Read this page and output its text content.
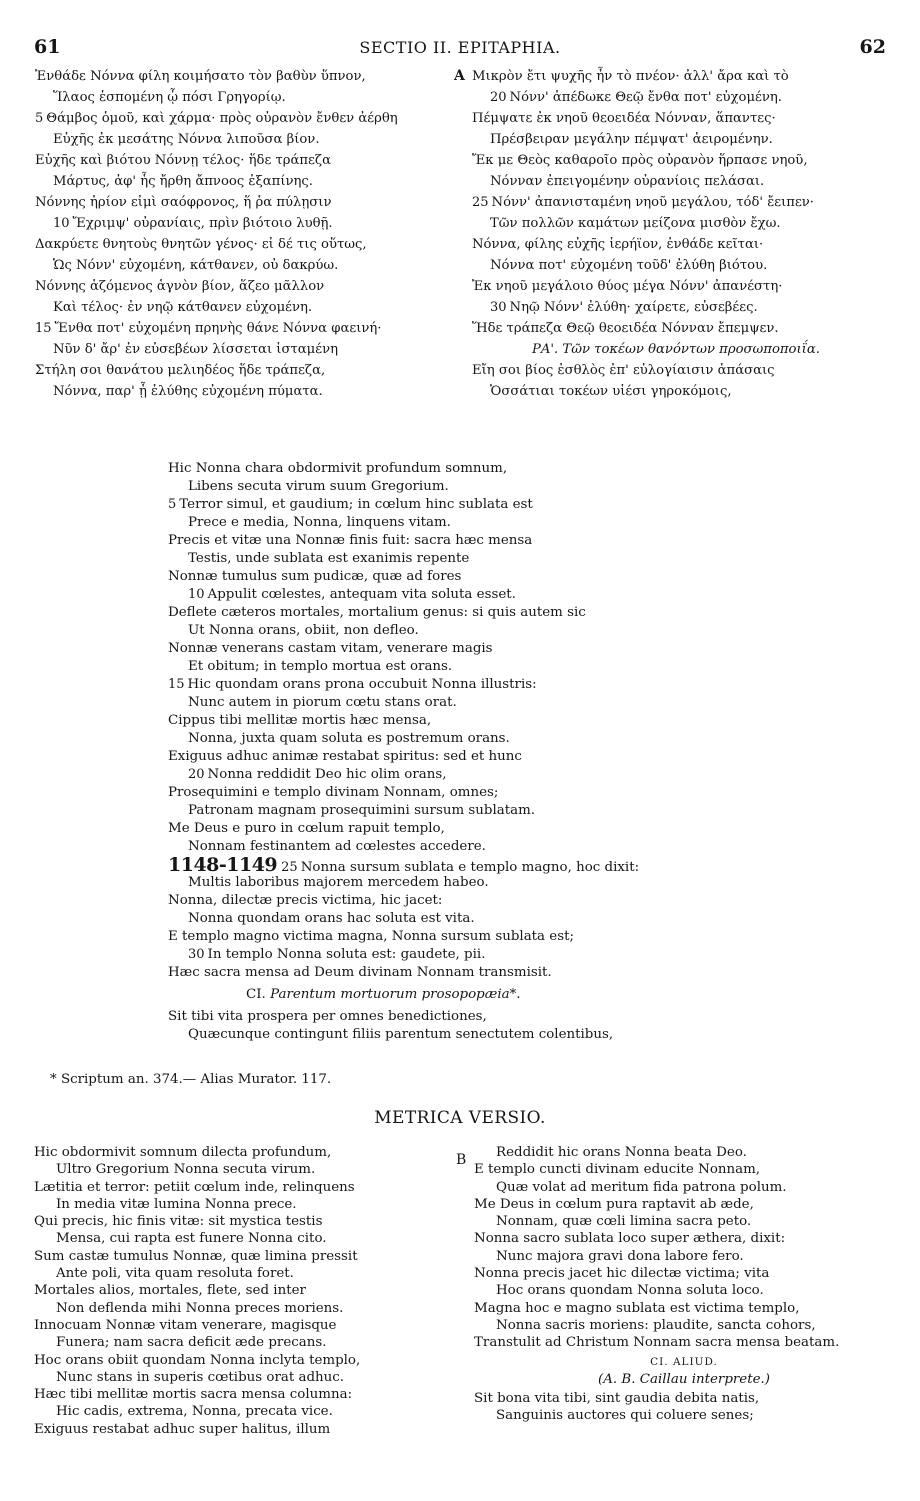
61	SECTIO II. EPITAPHIA.	62
Ἐνθάδε Νόννα φίλη κοιμήσατο τὸν βαθὺν ὕπνον,
Ἵλαος ἑσπομένη ᾧ πόσι Γρηγορίῳ.
5 Θάμβος ὁμοῦ, καὶ χάρμα· πρὸς οὐρανὸν ἔνθεν ἀέρθη
Εὐχῆς ἐκ μεσάτης Νόννα λιποῦσα βίον.
Εὐχῆς καὶ βιότου Νόννῃ τέλος· ἥδε τράπεζα
Μάρτυς, ἀφ' ἧς ἤρθη ἄπνοος ἐξαπίνης.
Νόννης ἠρίον εἰμὶ σαόφρονος, ἥ ῥα πύλῃσιν
10 Ἔχριμψ' οὐρανίαις, πρὶν βιότοιο λυθῇ.
Δακρύετε θνητοὺς θνητῶν γένος· εἰ δέ τις οὕτως,
Ὡς Νόνν' εὐχομένη, κάτθανεν, οὐ δακρύω.
Νόννης ἁζόμενος ἁγνὸν βίον, ἅζεο μᾶλλον
Καὶ τέλος· ἐν νηῷ κάτθανεν εὐχομένη.
15 Ἔνθα ποτ' εὐχομένη πρηνὴς θάνε Νόννα φαεινή·
Νῦν δ' ἄρ' ἐν εὐσεβέων λίσσεται ἱσταμένη
Στήλη σοι θανάτου μελιηδέος ἥδε τράπεζα,
Νόννα, παρ' ᾗ ἐλύθης εὐχομένη πύματα.
A Μικρὸν ἔτι ψυχῆς ἦν τὸ πνέον· ἀλλ' ἄρα καὶ τὸ
20 Νόνν' ἀπέδωκε Θεῷ ἔνθα ποτ' εὐχομένη.
Πέμψατε ἐκ νηοῦ θεοειδέα Νόνναν, ἅπαντες·
Πρέσβειραν μεγάλην πέμψατ' ἀειρομένην.
Ἔκ με Θεὸς καθαροῖο πρὸς οὐρανὸν ἥρπασε νηοῦ,
Νόνναν ἐπειγομένην οὐρανίοις πελάσαι.
25 Νόνν' ἀπανισταμένη νηοῦ μεγάλου, τόδ' ἔειπεν·
Τῶν πολλῶν καμάτων μείζονα μισθὸν ἔχω.
Νόννα, φίλης εὐχῆς ἱερήϊον, ἐνθάδε κεῖται·
Νόννα ποτ' εὐχομένη τοῦδ' ἐλύθη βιότου.
Ἐκ νηοῦ μεγάλοιο θύος μέγα Νόνν' ἀπανέστη·
30 Νηῷ Νόνν' ἐλύθη· χαίρετε, εὐσεβέες.
Ἥδε τράπεζα Θεῷ θεοειδέα Νόνναν ἔπεμψεν.
ΡΑ'. Τῶν τοκέων θανόντων προσωποποιΐα.
Εἴη σοι βίος ἐσθλὸς ἐπ' εὐλογίαισιν ἁπάσαις
Ὁσσάτιαι τοκέων υἱέσι γηροκόμοις,
Hic Nonna chara obdormivit profundum somnum,
Libens secuta virum suum Gregorium.
5 Terror simul, et gaudium; in cœlum hinc sublata est
Prece e media, Nonna, linquens vitam.
Precis et vitæ una Nonnæ finis fuit: sacra hæc mensa
Testis, unde sublata est exanimis repente
Nonnæ tumulus sum pudicæ, quæ ad fores
10 Appulit cœlestes, antequam vita soluta esset.
Deflete cæteros mortales, mortalium genus: si quis autem sic
Ut Nonna orans, obiit, non defleo.
Nonnæ venerans castam vitam, venerare magis
Et obitum; in templo mortua est orans.
15 Hic quondam orans prona occubuit Nonna illustris:
Nunc autem in piorum cœtu stans orat.
Cippus tibi mellitæ mortis hæc mensa,
Nonna, juxta quam soluta es postremum orans.
Exiguus adhuc animæ restabat spiritus: sed et hunc
20 Nonna reddidit Deo hic olim orans,
Prosequimini e templo divinam Nonnam, omnes;
Patronam magnam prosequimini sursum sublatam.
Me Deus e puro in cœlum rapuit templo,
Nonnam festinantem ad cœlestes accedere.
1148-1149 25 Nonna sursum sublata e templo magno, hoc dixit:
Multis laboribus majorem mercedem habeo.
Nonna, dilectæ precis victima, hic jacet:
Nonna quondam orans hac soluta est vita.
E templo magno victima magna, Nonna sursum sublata est;
30 In templo Nonna soluta est: gaudete, pii.
Hæc sacra mensa ad Deum divinam Nonnam transmisit.
CI. Parentum mortuorum prosopopæia*.
Sit tibi vita prospera per omnes benedictiones,
Quæcunque contingunt filiis parentum senectutem colentibus,
* Scriptum an. 374.— Alias Murator. 117.
METRICA VERSIO.
Hic obdormivit somnum dilecta profundum,
Ultro Gregorium Nonna secuta virum.
Lætitia et terror: petiit cœlum inde, relinquens
In media vitæ lumina Nonna prece.
Qui precis, hic finis vitæ: sit mystica testis
Mensa, cui rapta est funere Nonna cito.
Sum castæ tumulus Nonnæ, quæ limina pressit
Ante poli, vita quam resoluta foret.
Mortales alios, mortales, flete, sed inter
Non deflenda mihi Nonna preces moriens.
Innocuam Nonnæ vitam venerare, magisque
Funera; nam sacra deficit æde precans.
Hoc orans obiit quondam Nonna inclyta templo,
Nunc stans in superis cœtibus orat adhuc.
Hæc tibi mellitæ mortis sacra mensa columna:
Hic cadis, extrema, Nonna, precata vice.
Exiguus restabat adhuc super halitus, illum
B	Reddidit hic orans Nonna beata Deo.
E templo cuncti divinam educite Nonnam,
Quæ volat ad meritum fida patrona polum.
Me Deus in cœlum pura raptavit ab æde,
Nonnam, quæ cœli limina sacra peto.
Nonna sacro sublata loco super æthera, dixit:
Nunc majora gravi dona labore fero.
Nonna precis jacet hic dilectæ victima; vita
Hoc orans quondam Nonna soluta loco.
Magna hoc e magno sublata est victima templo,
Nonna sacris moriens: plaudite, sancta cohors,
Transtulit ad Christum Nonnam sacra mensa beatam.
CI. ALIUD.
(A. B. Caillau interprete.)
Sit bona vita tibi, sint gaudia debita natis,
Sanguinis auctores qui coluere senes;
